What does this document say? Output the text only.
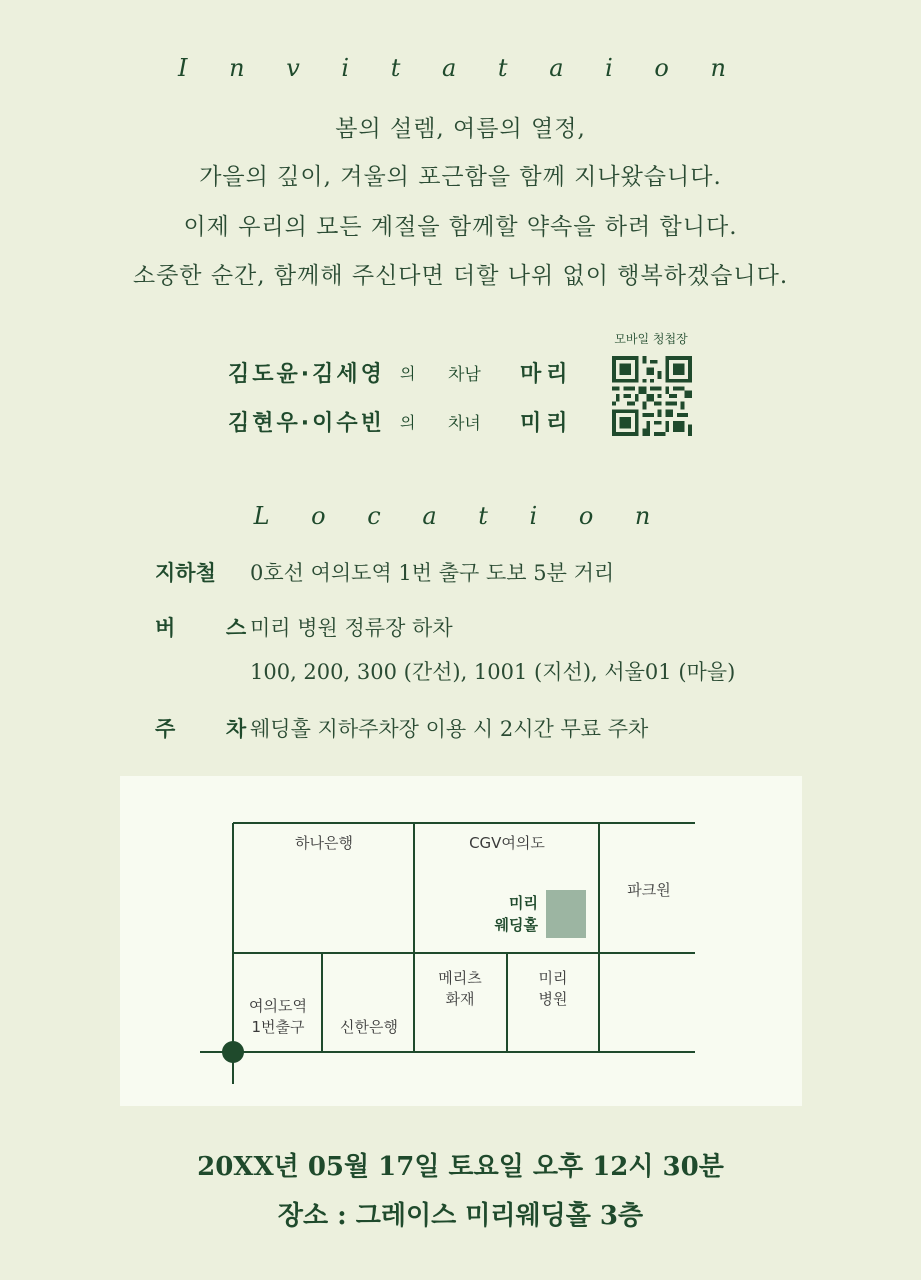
I n v i t a t a i o n
봄의 설렘, 여름의 열정,
가을의 깊이, 겨울의 포근함을 함께 지나왔습니다.
이제 우리의 모든 계절을 함께할 약속을 하려 합니다.
소중한 순간, 함께해 주신다면 더할 나위 없이 행복하겠습니다.
김도윤·김세영 의	차남	마리
김현우·이수빈 의	차녀	미리
모바일 청첩장
L o c a t i o n
지하철 0호선 여의도역 1번 출구 도보 5분 거리
버  스
미리 병원 정류장 하차
100, 200, 300 (간선), 1001 (지선), 서울01 (마을)
주  차
웨딩홀 지하주차장 이용 시 2시간 무료 주차
하나은행	CGV여의도
파크원
미리
웨딩홀
여의도역
1번출구	신한은행
메리츠
화재
미리
병원
20XX년 05월 17일 토요일 오후 12시 30분
장소 : 그레이스 미리웨딩홀 3층
